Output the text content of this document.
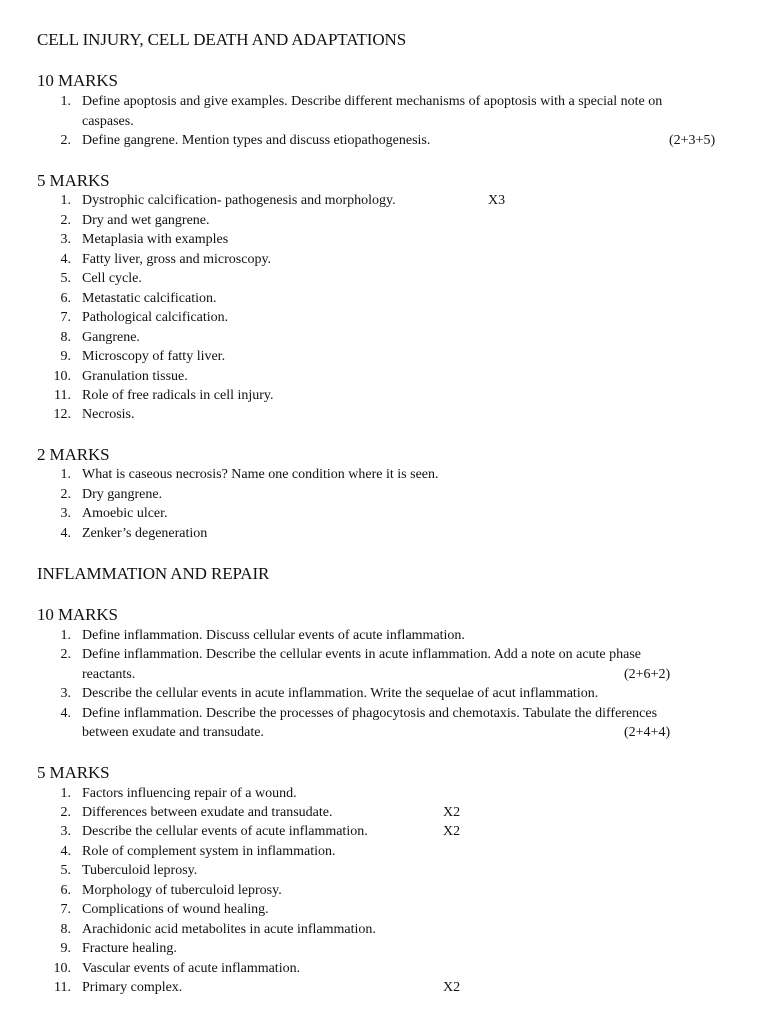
CELL INJURY, CELL DEATH AND ADAPTATIONS
10 MARKS
1. Define apoptosis and give examples. Describe different mechanisms of apoptosis with a special note on
caspases.
2. Define gangrene. Mention types and discuss etiopathogenesis.	(2+3+5)
5 MARKS
1. Dystrophic calcification- pathogenesis and morphology.	X3
2. Dry and wet gangrene.
3. Metaplasia with examples
4. Fatty liver, gross and microscopy.
5. Cell cycle.
6. Metastatic calcification.
7. Pathological calcification.
8. Gangrene.
9. Microscopy of fatty liver.
10. Granulation tissue.
11. Role of free radicals in cell injury.
12. Necrosis.
2 MARKS
1. What is caseous necrosis? Name one condition where it is seen.
2. Dry gangrene.
3. Amoebic ulcer.
4. Zenker’s degeneration
INFLAMMATION AND REPAIR
10 MARKS
1. Define inflammation. Discuss cellular events of acute inflammation.
2. Define inflammation. Describe the cellular events in acute inflammation. Add a note on acute phase
reactants.	(2+6+2)
3. Describe the cellular events in acute inflammation. Write the sequelae of acut inflammation.
4. Define inflammation. Describe the processes of phagocytosis and chemotaxis. Tabulate the differences
between exudate and transudate.	(2+4+4)
5 MARKS
1. Factors influencing repair of a wound.
2. Differences between exudate and transudate.	X2
3. Describe the cellular events of acute inflammation.	X2
4. Role of complement system in inflammation.
5. Tuberculoid leprosy.
6. Morphology of tuberculoid leprosy.
7. Complications of wound healing.
8. Arachidonic acid metabolites in acute inflammation.
9. Fracture healing.
10. Vascular events of acute inflammation.
11. Primary complex.	X2
